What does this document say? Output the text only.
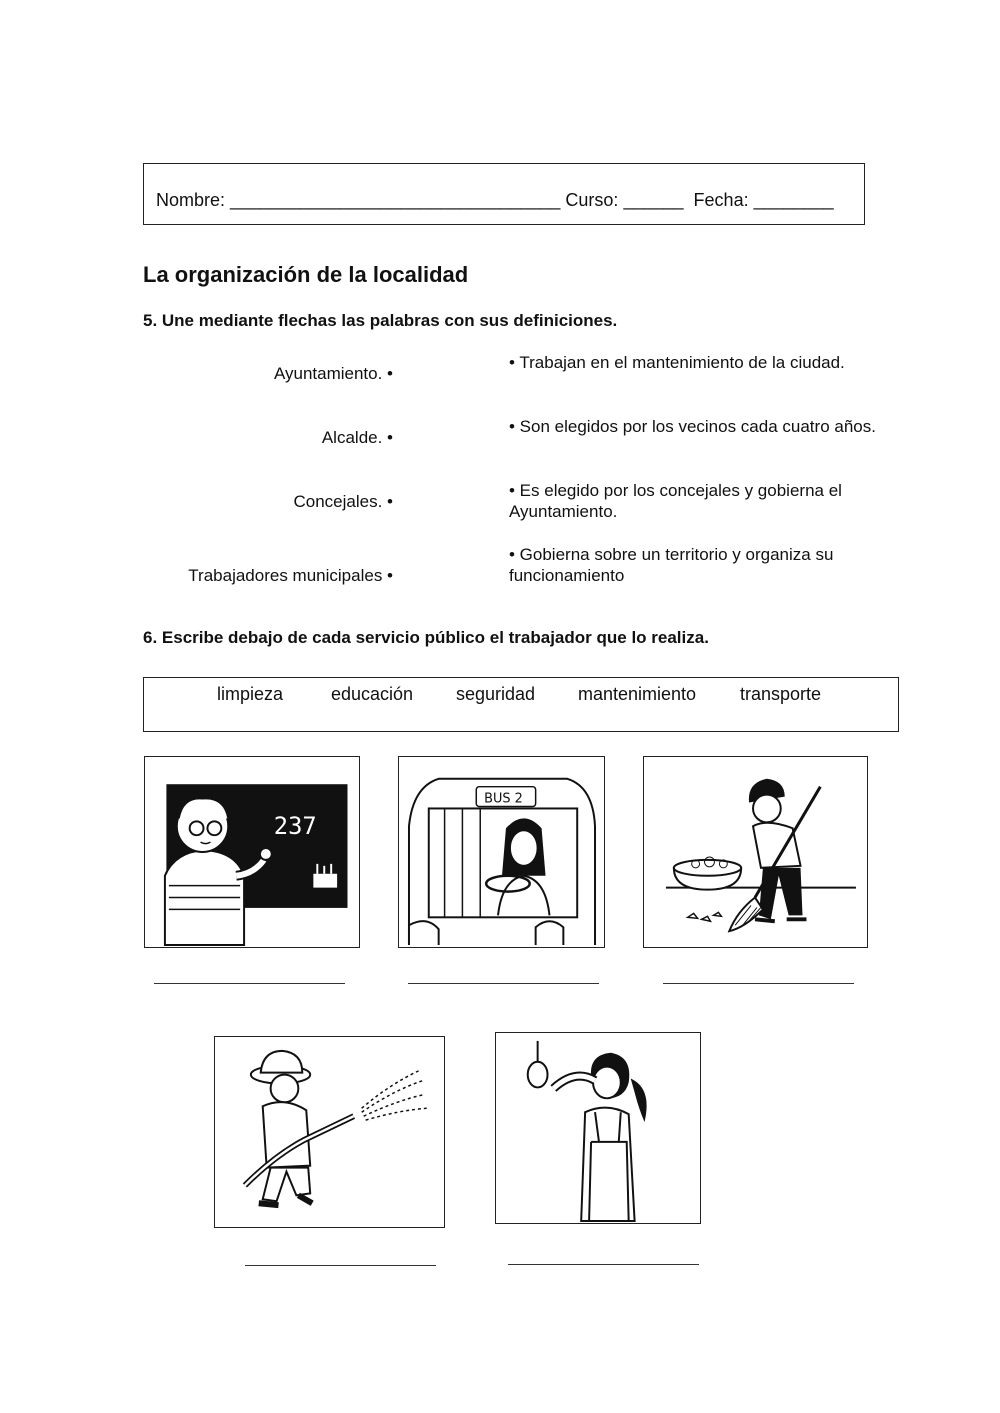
Nombre: _________________________________ Curso: ______ Fecha: ________
La organización de la localidad
5. Une mediante flechas las palabras con sus definiciones.
Ayuntamiento. •
Alcalde. •
Concejales. •
Trabajadores municipales •
• Trabajan en el mantenimiento de la ciudad.
• Son elegidos por los vecinos cada cuatro años.
• Es elegido por los concejales y gobierna el Ayuntamiento.
• Gobierna sobre un territorio y organiza su funcionamiento
6. Escribe debajo de cada servicio público el trabajador que lo realiza.
limpieza	educación seguridad mantenimiento transporte
237
BUS 2
